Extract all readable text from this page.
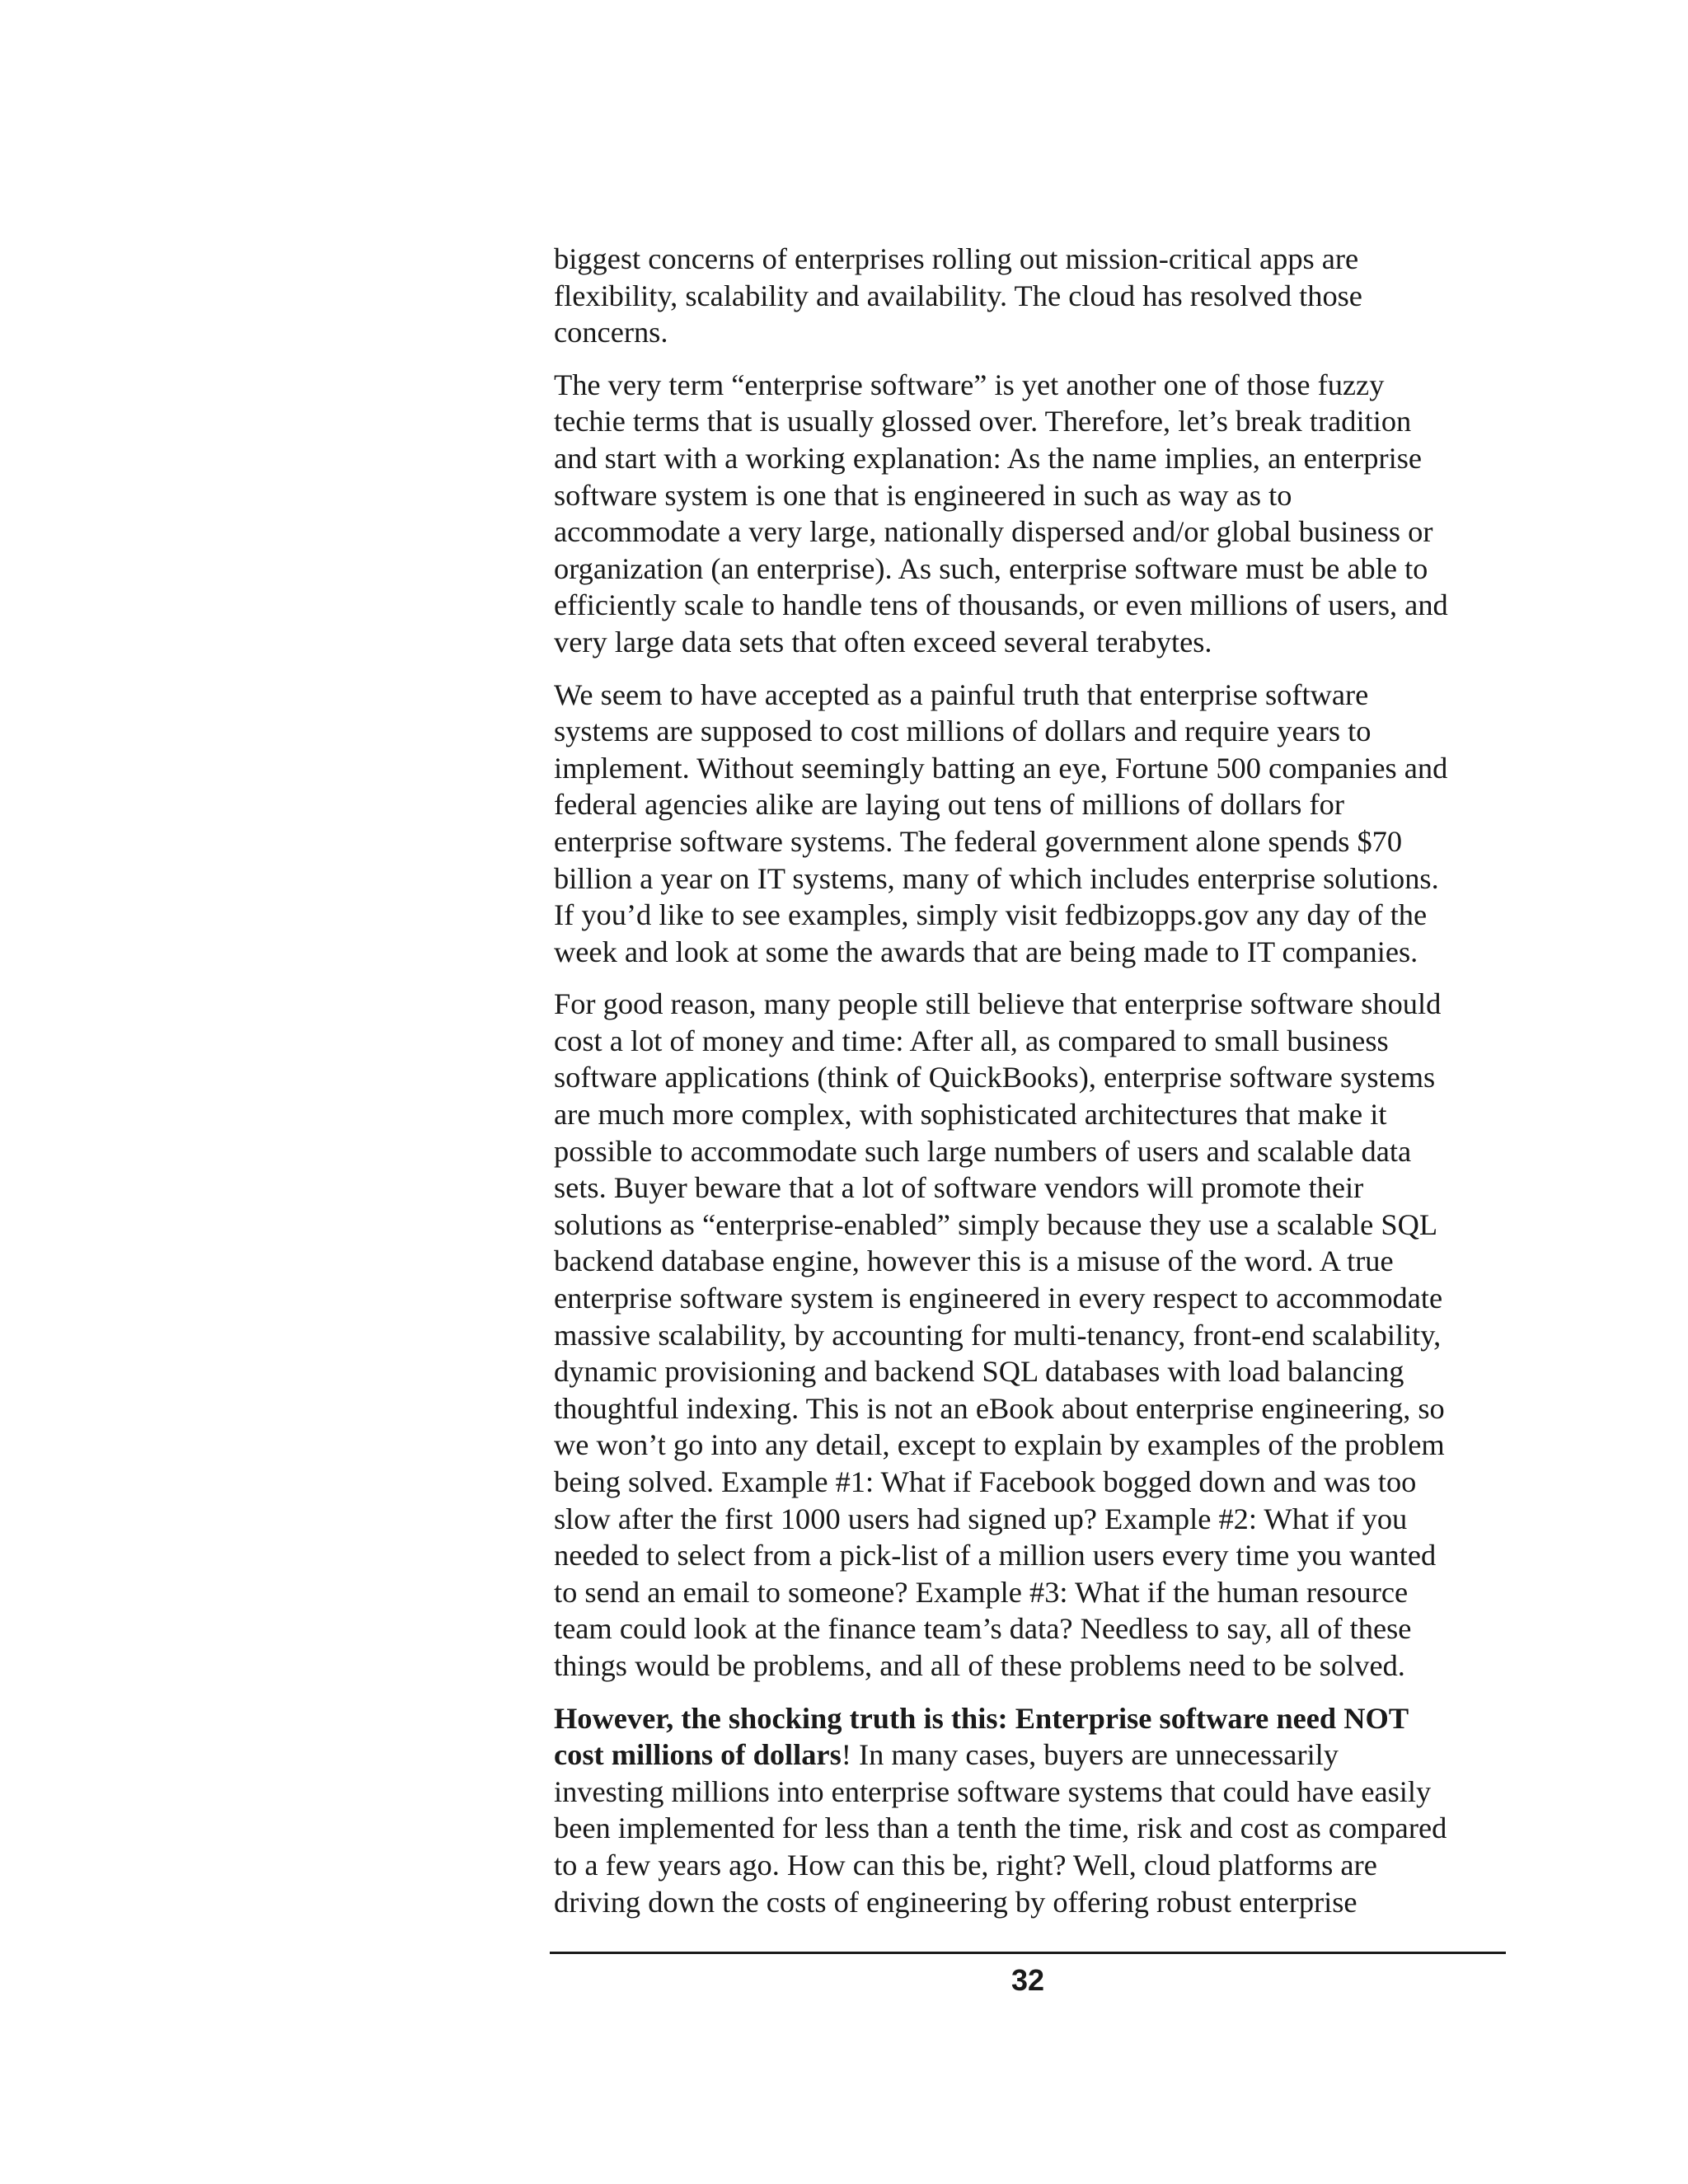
biggest concerns of enterprises rolling out mission-critical apps are
flexibility, scalability and availability. The cloud has resolved those
concerns.

The very term “enterprise software” is yet another one of those fuzzy
techie terms that is usually glossed over. Therefore, let’s break tradition
and start with a working explanation: As the name implies, an enterprise
software system is one that is engineered in such as way as to
accommodate a very large, nationally dispersed and/or global business or
organization (an enterprise). As such, enterprise software must be able to
efficiently scale to handle tens of thousands, or even millions of users, and
very large data sets that often exceed several terabytes.

We seem to have accepted as a painful truth that enterprise software
systems are supposed to cost millions of dollars and require years to
implement. Without seemingly batting an eye, Fortune 500 companies and
federal agencies alike are laying out tens of millions of dollars for
enterprise software systems. The federal government alone spends $70
billion a year on IT systems, many of which includes enterprise solutions.
If you’d like to see examples, simply visit fedbizopps.gov any day of the
week and look at some the awards that are being made to IT companies.

For good reason, many people still believe that enterprise software should
cost a lot of money and time: After all, as compared to small business
software applications (think of QuickBooks), enterprise software systems
are much more complex, with sophisticated architectures that make it
possible to accommodate such large numbers of users and scalable data
sets. Buyer beware that a lot of software vendors will promote their
solutions as “enterprise-enabled” simply because they use a scalable SQL
backend database engine, however this is a misuse of the word. A true
enterprise software system is engineered in every respect to accommodate
massive scalability, by accounting for multi-tenancy, front-end scalability,
dynamic provisioning and backend SQL databases with load balancing
thoughtful indexing. This is not an eBook about enterprise engineering, so
we won’t go into any detail, except to explain by examples of the problem
being solved. Example #1: What if Facebook bogged down and was too
slow after the first 1000 users had signed up? Example #2: What if you
needed to select from a pick-list of a million users every time you wanted
to send an email to someone? Example #3: What if the human resource
team could look at the finance team’s data? Needless to say, all of these
things would be problems, and all of these problems need to be solved.

However, the shocking truth is this: Enterprise software need NOT
cost millions of dollars! In many cases, buyers are unnecessarily
investing millions into enterprise software systems that could have easily
been implemented for less than a tenth the time, risk and cost as compared
to a few years ago. How can this be, right? Well, cloud platforms are
driving down the costs of engineering by offering robust enterprise

32
